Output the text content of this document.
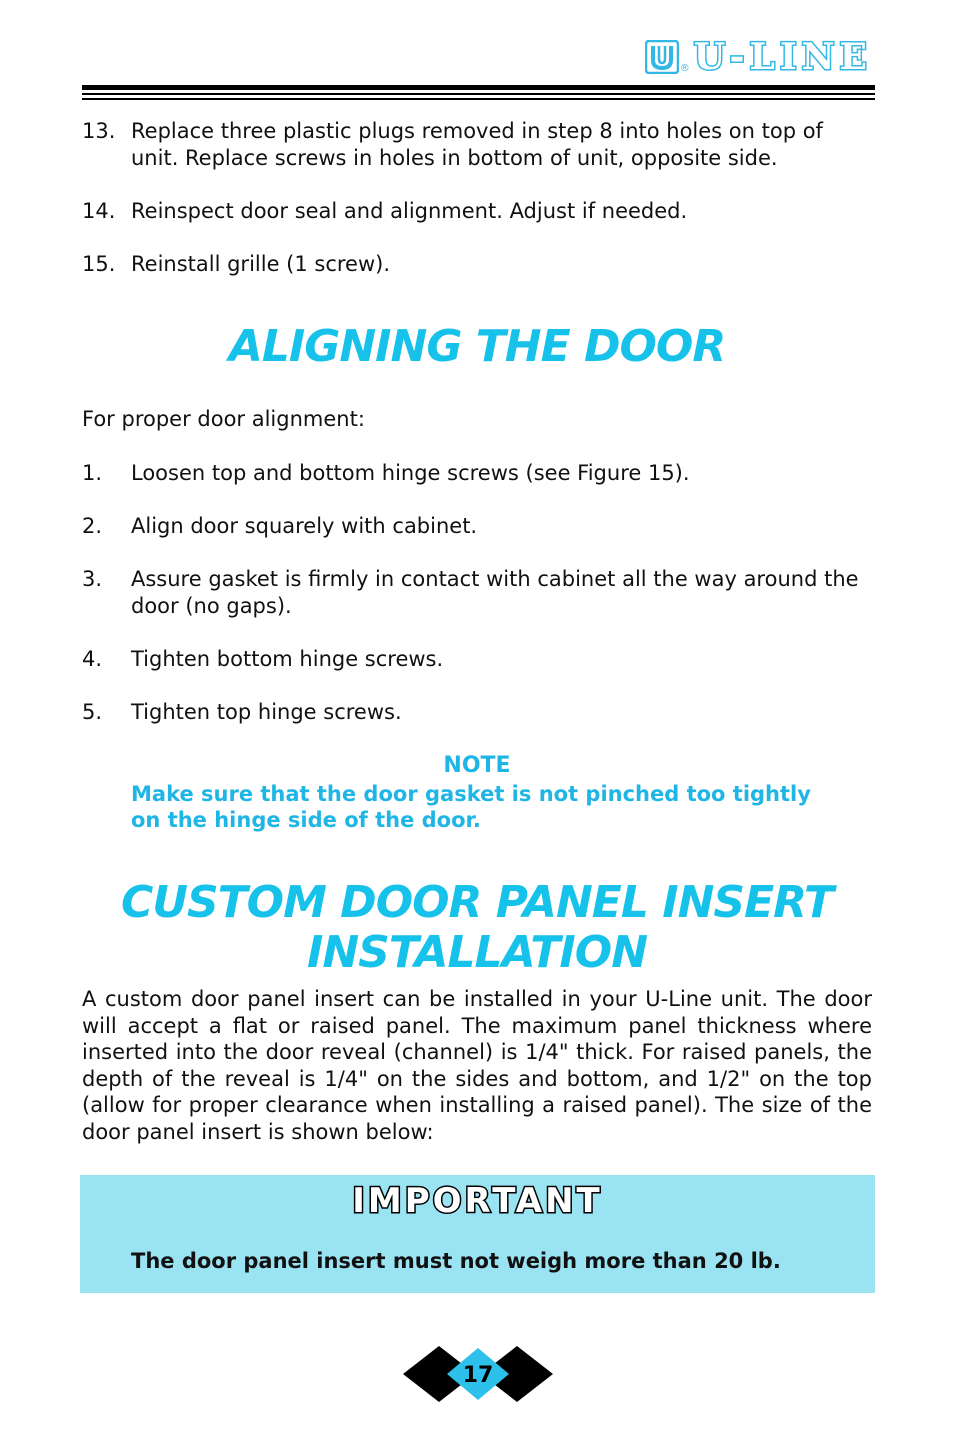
® U-LINE
13. Replace three plastic plugs removed in step 8 into holes on top of unit. Replace screws in holes in bottom of unit, opposite side.
14. Reinspect door seal and alignment. Adjust if needed.
15. Reinstall grille (1 screw).
ALIGNING THE DOOR
For proper door alignment:
1.	Loosen top and bottom hinge screws (see Figure 15).
2.	Align door squarely with cabinet.
3.	Assure gasket is firmly in contact with cabinet all the way around the door (no gaps).
4.	Tighten bottom hinge screws.
5.	Tighten top hinge screws.
NOTE
Make sure that the door gasket is not pinched too tightly on the hinge side of the door.
CUSTOM DOOR PANEL INSERT
INSTALLATION
A custom door panel insert can be installed in your U-Line unit. The door will accept a flat or raised panel. The maximum panel thickness where inserted into the door reveal (channel) is 1/4" thick. For raised panels, the depth of the reveal is 1/4" on the sides and bottom, and 1/2" on the top (allow for proper clearance when installing a raised panel). The size of the door panel insert is shown below:
IMPORTANT
The door panel insert must not weigh more than 20 lb.
17
